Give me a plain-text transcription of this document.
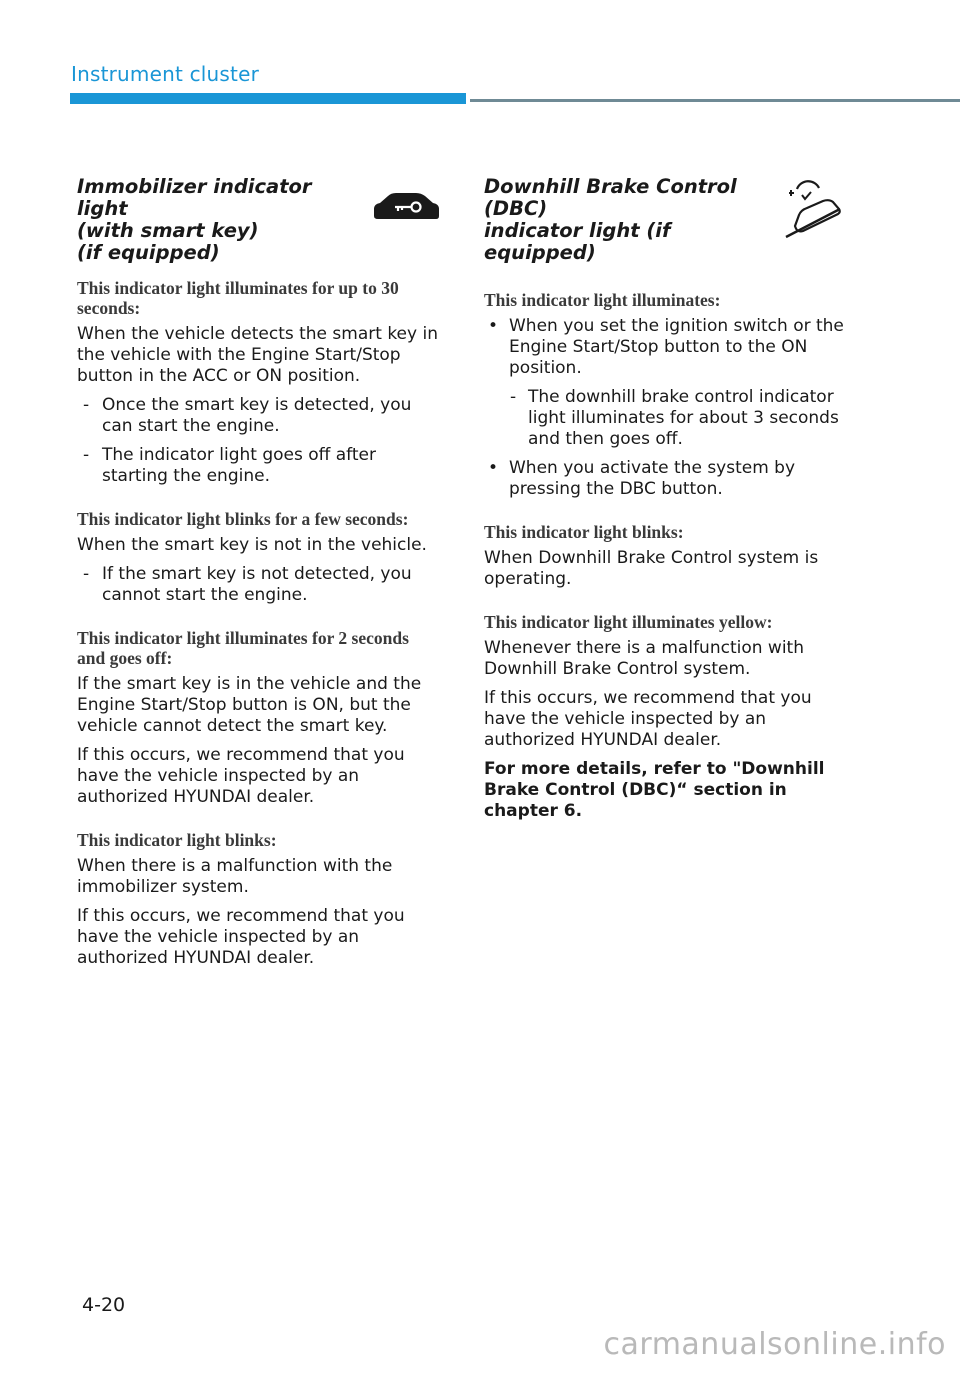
Instrument cluster
Immobilizer indicator light
(with smart key)
(if equipped)
This indicator light illuminates for up to 30 seconds:
When the vehicle detects the smart key in the vehicle with the Engine Start/Stop button in the ACC or ON position.
- Once the smart key is detected, you can start the engine.
- The indicator light goes off after starting the engine.
This indicator light blinks for a few seconds:
When the smart key is not in the vehicle.
- If the smart key is not detected, you cannot start the engine.
This indicator light illuminates for 2 seconds and goes off:
If the smart key is in the vehicle and the Engine Start/Stop button is ON, but the vehicle cannot detect the smart key.
If this occurs, we recommend that you have the vehicle inspected by an authorized HYUNDAI dealer.
This indicator light blinks:
When there is a malfunction with the immobilizer system.
If this occurs, we recommend that you have the vehicle inspected by an authorized HYUNDAI dealer.
Downhill Brake Control (DBC)
indicator light (if equipped)
This indicator light illuminates:
• When you set the ignition switch or the Engine Start/Stop button to the ON position.
- The downhill brake control indicator light illuminates for about 3 seconds and then goes off.
• When you activate the system by pressing the DBC button.
This indicator light blinks:
When Downhill Brake Control system is operating.
This indicator light illuminates yellow:
Whenever there is a malfunction with Downhill Brake Control system.
If this occurs, we recommend that you have the vehicle inspected by an authorized HYUNDAI dealer.
For more details, refer to "Downhill Brake Control (DBC)“ section in chapter 6.
4-20
carmanualsonline.info
